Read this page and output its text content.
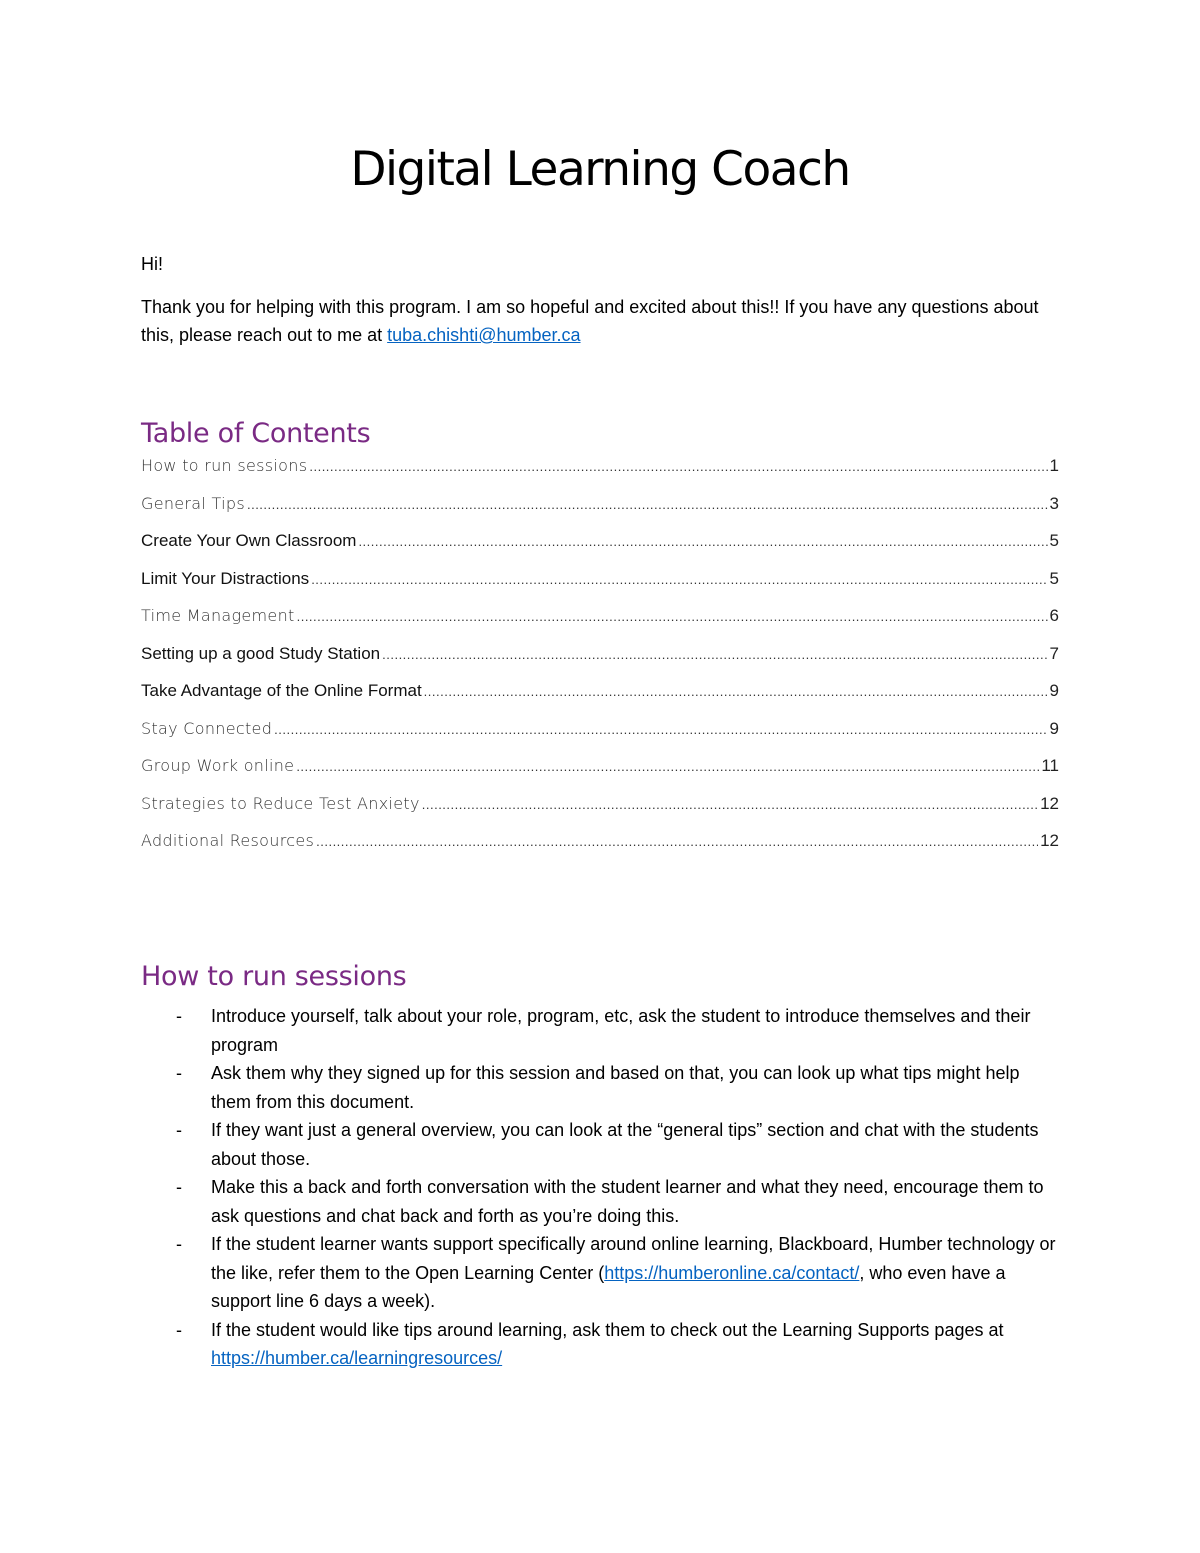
Digital Learning Coach
Hi!
Thank you for helping with this program. I am so hopeful and excited about this!! If you have any questions about this, please reach out to me at tuba.chishti@humber.ca
Table of Contents
How to run sessions .....	1
General Tips .....	3
Create Your Own Classroom .....	5
Limit Your Distractions .....	5
Time Management .....	6
Setting up a good Study Station .....	7
Take Advantage of the Online Format .....	9
Stay Connected .....	9
Group Work online .....	11
Strategies to Reduce Test Anxiety .....	12
Additional Resources .....	12
How to run sessions
- Introduce yourself, talk about your role, program, etc, ask the student to introduce themselves and their program
- Ask them why they signed up for this session and based on that, you can look up what tips might help them from this document.
- If they want just a general overview, you can look at the “general tips” section and chat with the students about those.
- Make this a back and forth conversation with the student learner and what they need, encourage them to ask questions and chat back and forth as you’re doing this.
- If the student learner wants support specifically around online learning, Blackboard, Humber technology or the like, refer them to the Open Learning Center (https://humberonline.ca/contact/, who even have a support line 6 days a week).
- If the student would like tips around learning, ask them to check out the Learning Supports pages at https://humber.ca/learningresources/
